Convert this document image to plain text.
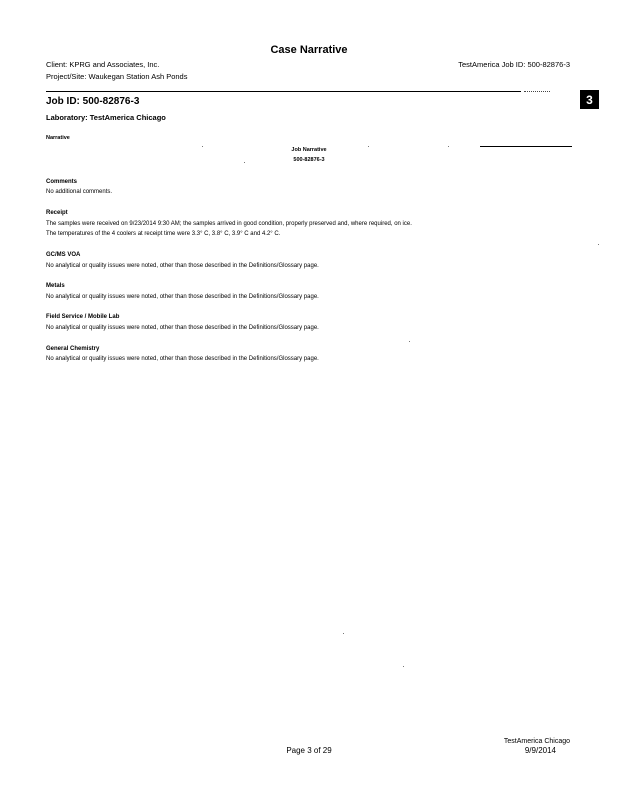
Case Narrative
Client: KPRG and Associates, Inc.
Project/Site: Waukegan Station Ash Ponds
TestAmerica Job ID: 500-82876-3
3
Job ID: 500-82876-3
Laboratory: TestAmerica Chicago
Narrative
Job Narrative
500-82876-3
Comments
No additional comments.
Receipt
The samples were received on 9/23/2014 9:30 AM; the samples arrived in good condition, properly preserved and, where required, on ice.
The temperatures of the 4 coolers at receipt time were 3.3° C, 3.8° C, 3.9° C and 4.2° C.
GC/MS VOA
No analytical or quality issues were noted, other than those described in the Definitions/Glossary page.
Metals
No analytical or quality issues were noted, other than those described in the Definitions/Glossary page.
Field Service / Mobile Lab
No analytical or quality issues were noted, other than those described in the Definitions/Glossary page.
General Chemistry
No analytical or quality issues were noted, other than those described in the Definitions/Glossary page.
Page 3 of 29
TestAmerica Chicago
9/9/2014
